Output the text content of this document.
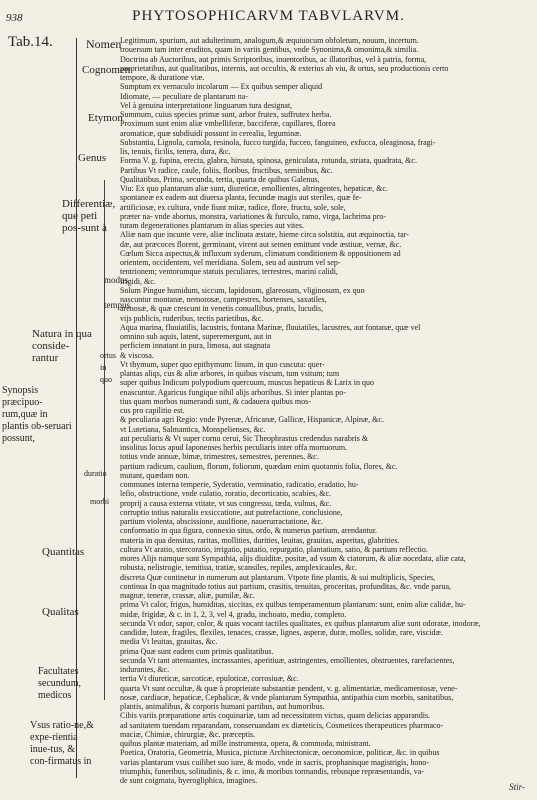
938	PHYTOSOPHICARVM TABVLARVM.
Tab.14.	Nomen
Cognomen
Etymon
Genus
Differentiæ, que peti pos-sunt à
Natura in qua conside-rantur
Synopsis præcipuo-rum,quæ in plantis ob-seruari possunt,
Quantitas
Qualitas
Facultates secundum, medicos
Vsus ratio-ne,& expe-rientia inue-tus, & con-firmatus in
modus
tempus
ortus in quo
duratio
morbi
Legitimum, spurium, aut adulterinum, analogum,& æquiuocum obfoletum, nouum, incertum.
trouersum tam inter eruditos, quam in variis gentibus, vnde Synonima,& omonima,& similia.
Doctrina ab Auctoribus, aut primis Scriptoribus, inuentoribus, ac illatoribus, vel à patria, forma,
proprietatibus, aut qualitatibus, internis, aut occultis, & exterius ab viu, & ortus, seu productionis certo
tempore, & duratione viæ.
Sumptum ex vernaculo incolarum — Ex quibus semper aliquid
Idiomate, — peculiare de plantarum na-
Vel à genuina interpretatione linguarum tura designat,
Summum, cuius species primæ sunt, arbor frutex, suffrutex herba.
Proximum sunt enim aliæ vmbelliferæ, bacciferæ, capillares, florea
aromaticæ, quæ subdiuidi possunt in cerealia, leguminæ.
Substantia, Lignola, carnola, resinola, fucco turgida, fucceo, fanguineo, exfucca, oleaginosa, fragi-
lis, tenuis, ficilis, tenera, dura, &c.
Forma V. g. fupina, erecta, glabra, hirsuta, spinosa, geniculata, rotunda, striata, quadrata, &c.
Partibus Vt radice, caule, foliis, floribus, fructibus, seminibus, &c.
Qualitatibus, Prima, secunda, tertia, quarta de quibus Galenus,
Viu: Ex quo plantarum aliæ sunt, diureticæ, emollientes, altringentes, hepaticæ, &c.
spontaneæ ex eadem aut diuersa planta, fecundæ magis aut steriles, quæ fe-
artificiosæ, ex cultura, vnde fiunt mitæ, radice, flore, fructu, sole, sole,
præter na- vnde abortus, monstra, variationes & furculo, ramo, virga, lachrima pro-
turam degenerationes plantarum in alias species aut vites.
Aliæ nam que incunte vere, aliæ inclinata æstate, hieme circa solstitia, aut æquinoctia, tar-
dæ, aut præcoces florent, germinant, virent aut semen emittunt vnde æstiuæ, vernæ, &c.
Cœlum Sicca aspectus,& influxum syderum, climatum conditionem & oppositionem ad
orientem, occidentem, vel meridiana. Solem, seu ad austrum vel sep-
tentrionem; ventorumque statuis peculiares, terrestres, marini calidi,
frigidi, &c.
Solum Pingue humidum, siccum, lapidosum, glareosum, vliginosum, ex quo
nascuntur montanæ, nemorosæ, campestres, hortenses, saxatiles,
arenosæ, & quæ crescunt in venetis conuallibus, pratis, lucudis,
vijs publicis, ruderibus, tectis parietibus, &c.
Aqua marina, fluuiatilis, lacustris, fontana Marinæ, fluuiatiles, lacustres, aut fontanæ, quæ vel
omnino sub aquis, latent, superemergunt, aut in
perficiem innatant in pura, limosa, aut stagnata
& viscosa.
Vt thymum, super quo epithymum: linum, in quo cuscuta: quer-
plantas aliqs, cus & aliæ arbores, in quibus viscum, tum vsitum; tum
super quibus Indicum polypodium quercuum, muscus hepaticus & Larix in quo
enascuntur. Agaricus fungique nihil alijs arboribus. Si inter plantas po-
tius quam morbos numerandi sunt, & cadauera quibus mos-
cus pro capilitio est.
& peculiaria agri Regio: vnde Pyrenæ, Africanæ, Gallicæ, Hispanicæ, Alpinæ, &c.
vt Lutetiana, Salmantica, Monspelienses, &c.
aut peculiaris & Vt super cornu cerui, Sic Theophrastus credendus narabris &
insolitus locus apud Iaponenses herbis peculiaris inter offa mortuorum.
totius vnde annuæ, bimæ, trimestres, semestres, perennes, &c.
partium radicum, caulium, florum, foliorum, quædam enim quotannis folia, flores, &c.
mutant, quædam non.
communes interna temperie, Syderatio, verminatio, radicatio, eradatio, hu-
leſio, obstructione, vnde culatio, roratio, decorticatio, scabies, &c.
proprij a causa externa vtitate, vt sus congressu, tæda, vulnus, &c.
corruptio totius naturalis exsiccatione, aut putrefactione, conclusione,
partium violenta, abscissione, auulfione, nauerurractatione, &c.
conformatio in qua figura, connexio situs, ordo, & numerus partium, arendantur.
materia in qua densitas, raritas, mollities, durities, leuitas, grauitas, asperitas, glabrities.
cultura Vt aratio, stercoratio, irrigatio, putatio, repurgatio, plantatium, satio, & partium reflectio.
mores Alijs namque sunt Sympathia, alijs diuiditæ, positæ, ad vsum & ciatorum, & aliæ nocedata, aliæ cata,
robusta, nelistrogie, temitiua, tratiæ, scansiles, repiles, amplexicaules, &c.
discreta Quæ continetur in numerum aut plantarum. Vtpote fine plantis, & sui multiplicis, Species,
continua In qua magnitudo totius aut partium, crasitis, tenuitas, proceritas, profunditas, &c. vnde parua,
magnæ, teneræ, crassæ, aliæ, pumilæ, &c.
prima Vt calor, frigus, humiditas, siccitas, ex quibus temperamentum plantarum: sunt, enim aliæ calidæ, hu-
midæ, frigidæ, & c. in 1, 2, 3, vel 4, gradu, inchoato, medio, completo.
secunda Vt odor, sapor, color, & quas vocant tactiles qualitates, ex quibus plantarum aliæ sunt odoratæ, inodoræ,
candidæ, luteæ, fragiles, flexiles, tenaces, crassæ, lignes, asperæ, duræ, molles, solidæ, rare, viscidæ.
media Vt leuitas, grauitas, &c.
prima Quæ sunt eadem cum primis qualitatibus.
secunda Vt tant attenuantes, incrassantes, aperitiuæ, astringentes, emollientes, obstruentes, rarefacientes,
indurantes, &c.
tertia Vt diureticæ, sarcoticæ, epuloticæ, corrosiuæ, &c.
quarta Vt sunt occultæ, & quæ à proprietate substantiæ pendent, v. g. alimentariæ, medicamentosæ, vene-
nosæ, cardiacæ, hepaticæ, Cephalicæ, & vnde plantarum Sympathia, antipathia cum morbis, sanitatibus,
plantis, animalibus, & corporis humani partibus, aut humoribus.
Cibis variis præparatione artis coquinariæ, tam ad necessitatem victus, quam delicias apparandis.
ad sanitatem tuendam reparandam, conseruandam ex diæteticis, Cosmetices therapeutices pharmaco-
maciæ, Chimiæ, chirurgiæ, &c. præceptis.
quibus plantæ materiam, ad mille instrumenta, opera, & commoda, ministrant.
Poetica, Oratoria, Geometria, Musica, picturæ Architectonicæ, oeconomicæ, politicæ, &c. in quibus
varias plantarum vsus cuilibet suo iure, & modo, vnde in sacris, prophanisque magistrigis, hono-
triumphis, funeribus, solitudinis, & c. imo, & moribus tormandis, rebusque repræsentandis, va-
de sunt coigmata, hyerogliphica, imagines.
Stir-
